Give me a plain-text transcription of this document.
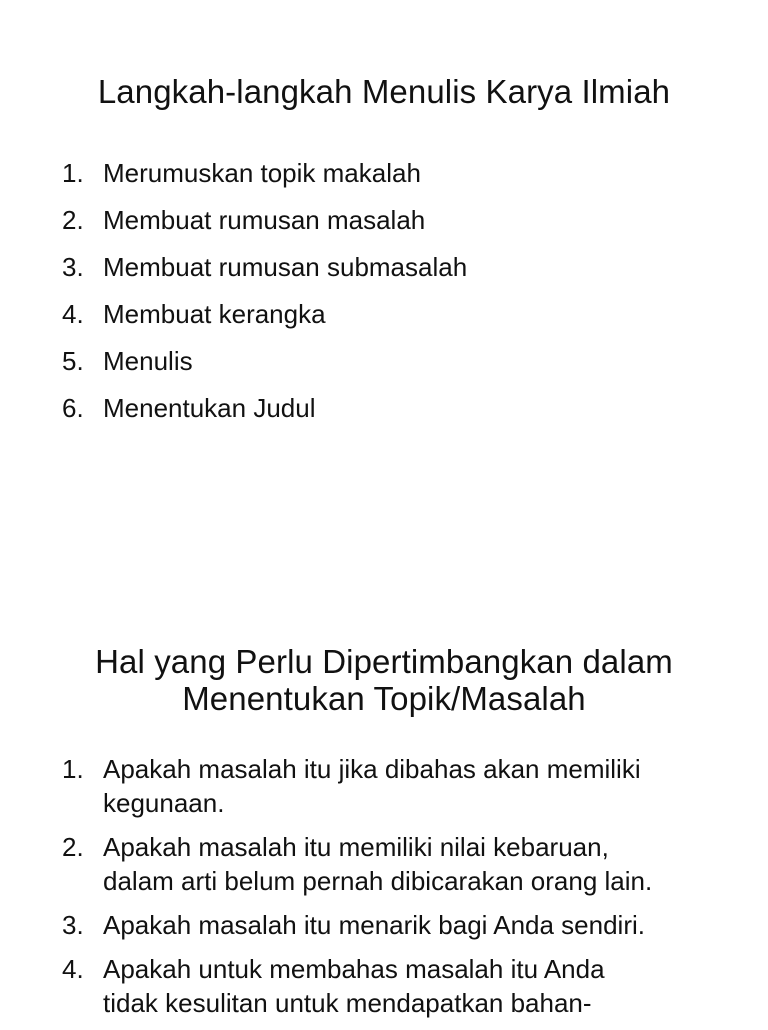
Langkah-langkah Menulis Karya Ilmiah
1. Merumuskan topik makalah
2. Membuat rumusan masalah
3. Membuat rumusan submasalah
4. Membuat kerangka
5. Menulis
6. Menentukan Judul
Hal yang Perlu Dipertimbangkan dalam
Menentukan Topik/Masalah
1. Apakah masalah itu jika dibahas akan memiliki
kegunaan.
2. Apakah masalah itu memiliki nilai kebaruan,
dalam arti belum pernah dibicarakan orang lain.
3. Apakah masalah itu menarik bagi Anda sendiri.
4. Apakah untuk membahas masalah itu Anda
tidak kesulitan untuk mendapatkan bahan-
